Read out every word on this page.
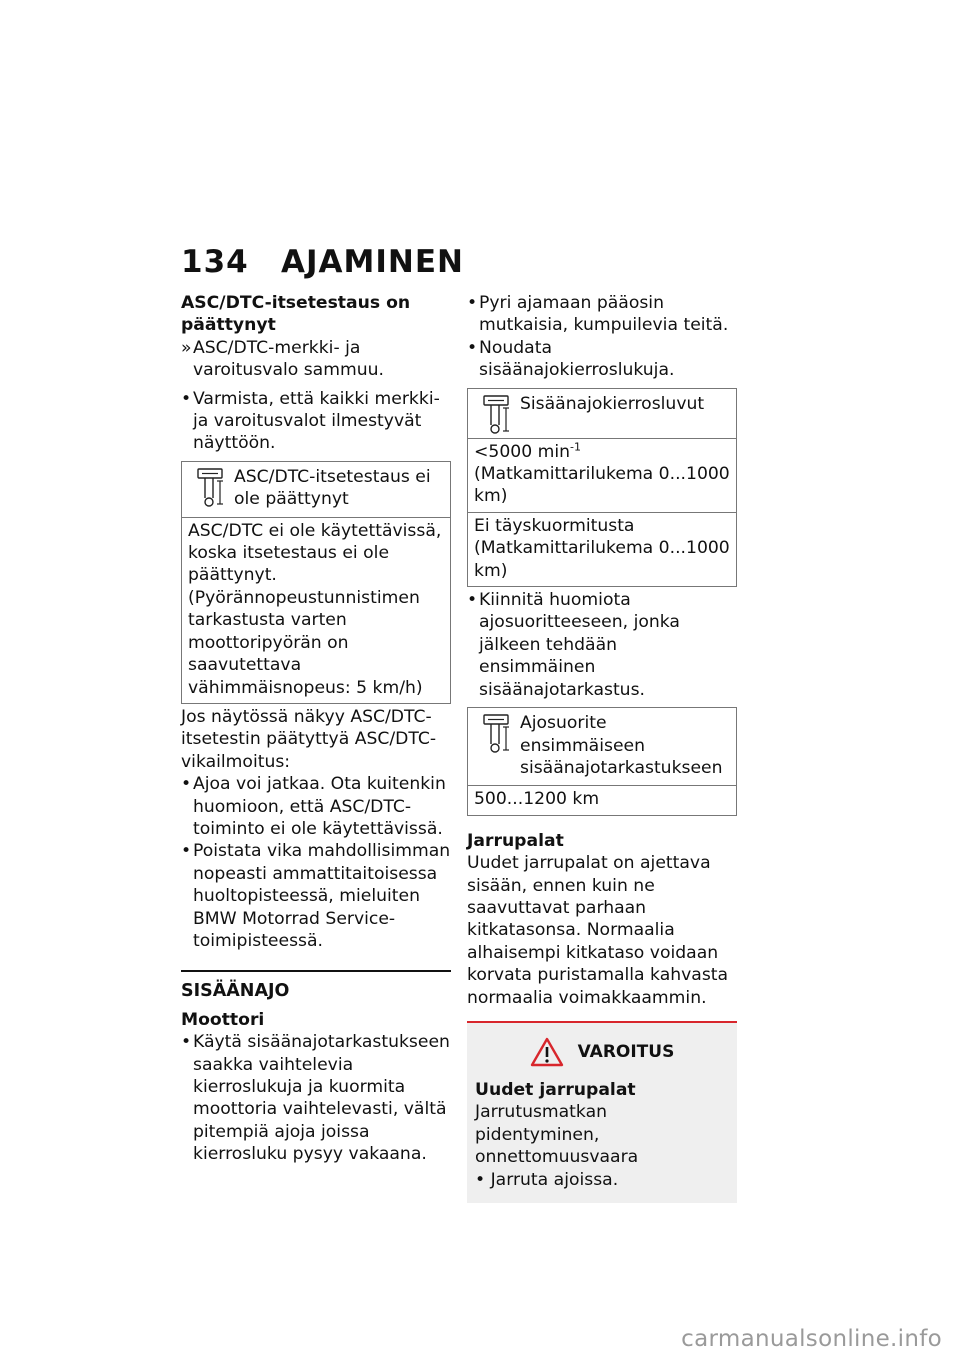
134 AJAMINEN

ASC/DTC-itsetestaus on päättynyt

» ASC/DTC-merkki- ja varoitusvalo sammuu.

• Varmista, että kaikki merkki- ja varoitusvalot ilmestyvät näyttöön.

ASC/DTC-itsetestaus ei ole päättynyt
ASC/DTC ei ole käytettävissä, koska itsetestaus ei ole päättynyt. (Pyörännopeustunnistimen tarkastusta varten moottoripyörän on saavutettava vähimmäisnopeus: 5 km/h)

Jos näytössä näkyy ASC/DTC-itsetestin päätyttyä ASC/DTC-vikailmoitus:

• Ajoa voi jatkaa. Ota kuitenkin huomioon, että ASC/DTC-toiminto ei ole käytettävissä.

• Poistata vika mahdollisimman nopeasti ammattitaitoisessa huoltopisteessä, mieluiten BMW Motorrad Service-toimipisteessä.

SISÄÄNAJO

Moottori

• Käytä sisäänajotarkastukseen saakka vaihtelevia kierroslukuja ja kuormita moottoria vaihtelevasti, vältä pitempiä ajoja joissa kierrosluku pysyy vakaana.

• Pyri ajamaan pääosin mutkaisia, kumpuilevia teitä.

• Noudata sisäänajokierroslukuja.

Sisäänajokierrosluvut
<5000 $\min^{-1}$ (Matkamittarilukema 0...1000 km)
Ei täyskuormitusta (Matkamittarilukema 0...1000 km)

• Kiinnitä huomiota ajosuoritteeseen, jonka jälkeen tehdään ensimmäinen sisäänajotarkastus.

Ajosuorite ensimmäiseen sisäänajotarkastukseen
500...1200 km

Jarrupalat

Uudet jarrupalat on ajettava sisään, ennen kuin ne saavuttavat parhaan kitkatasonsa. Normaalia alhaisempi kitkataso voidaan korvata puristamalla kahvasta normaalia voimakkaammin.

VAROITUS

Uudet jarrupalat

Jarrutusmatkan pidentyminen, onnettomuusvaara

• Jarruta ajoissa.

carmanualsonline.info
